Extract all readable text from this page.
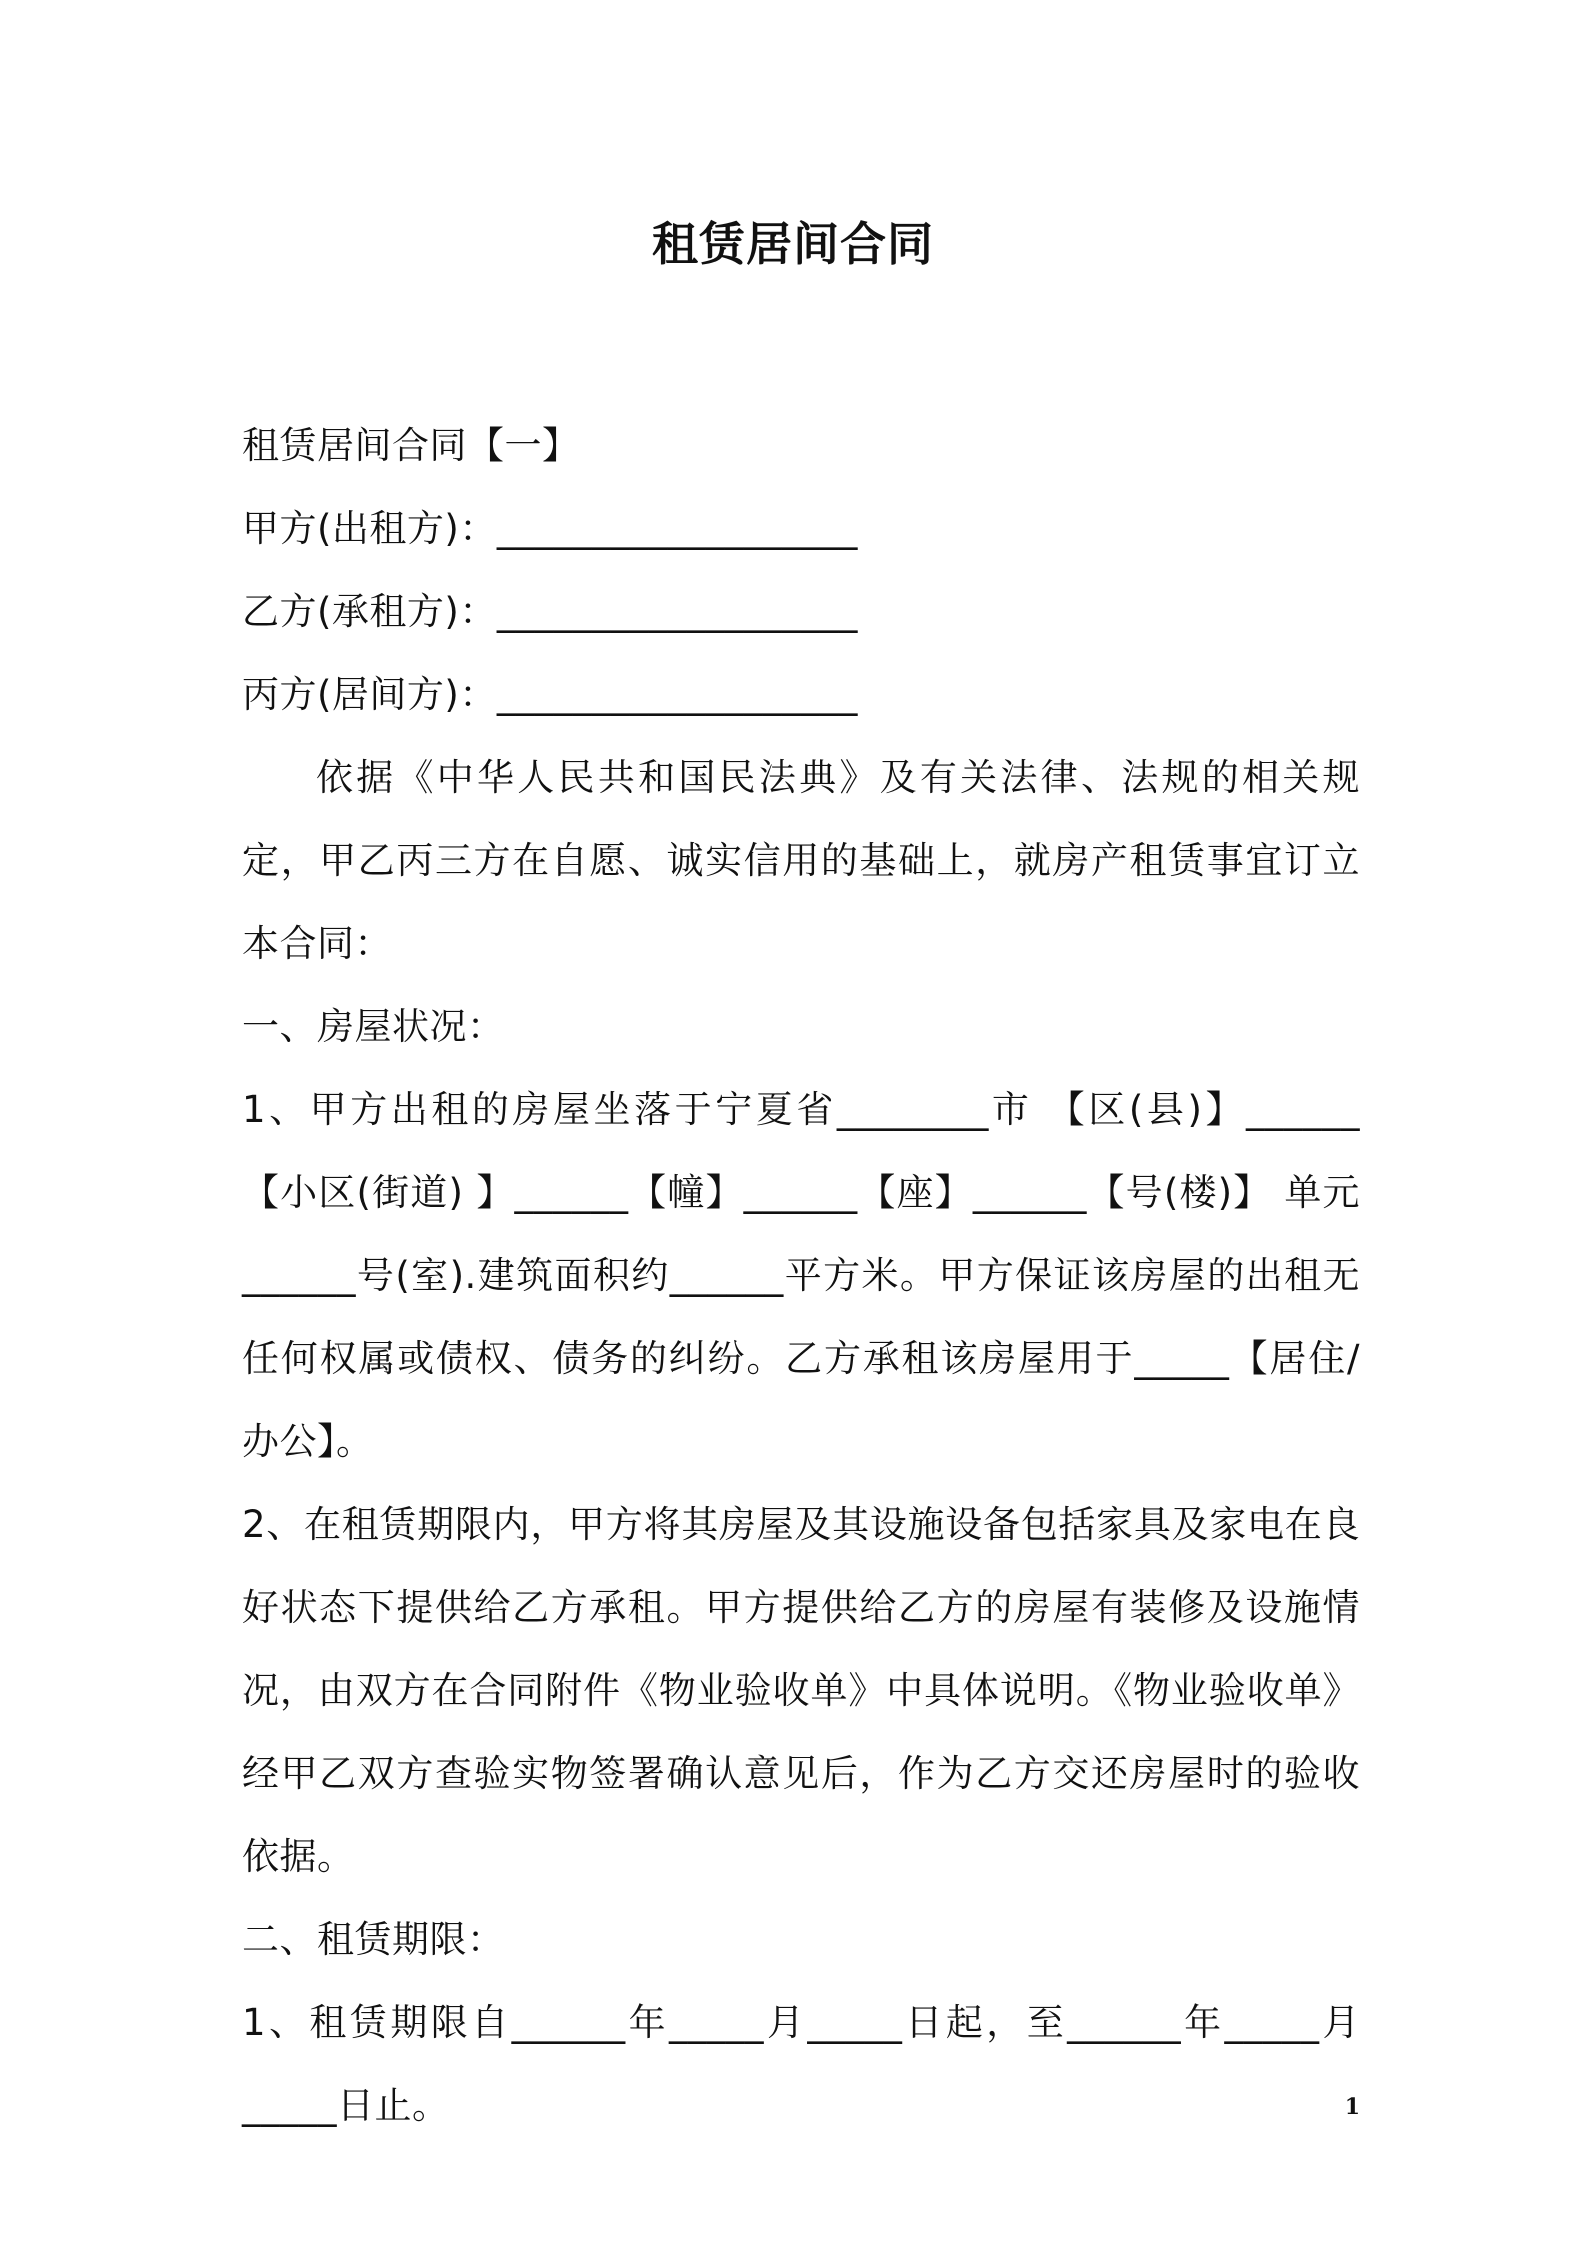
租赁居间合同

租赁居间合同【一】

甲方(出租方)：___________________

乙方(承租方)：___________________

丙方(居间方)：___________________

依据《中华人民共和国民法典》及有关法律、法规的相关规定，甲乙丙三方在自愿、诚实信用的基础上，就房产租赁事宜订立本合同：

一、房屋状况：

1、甲方出租的房屋坐落于宁夏省________市 【区(县)】______【小区(街道) 】______【幢】______【座】______【号(楼)】 单元______号(室).建筑面积约______平方米。甲方保证该房屋的出租无任何权属或债权、债务的纠纷。乙方承租该房屋用于_____【居住/办公】。

2、在租赁期限内，甲方将其房屋及其设施设备包括家具及家电在良好状态下提供给乙方承租。甲方提供给乙方的房屋有装修及设施情况，由双方在合同附件《物业验收单》中具体说明。《物业验收单》经甲乙双方查验实物签署确认意见后，作为乙方交还房屋时的验收依据。

二、租赁期限：

1、租赁期限自______年_____月_____日起，至______年_____月_____日止。	1
